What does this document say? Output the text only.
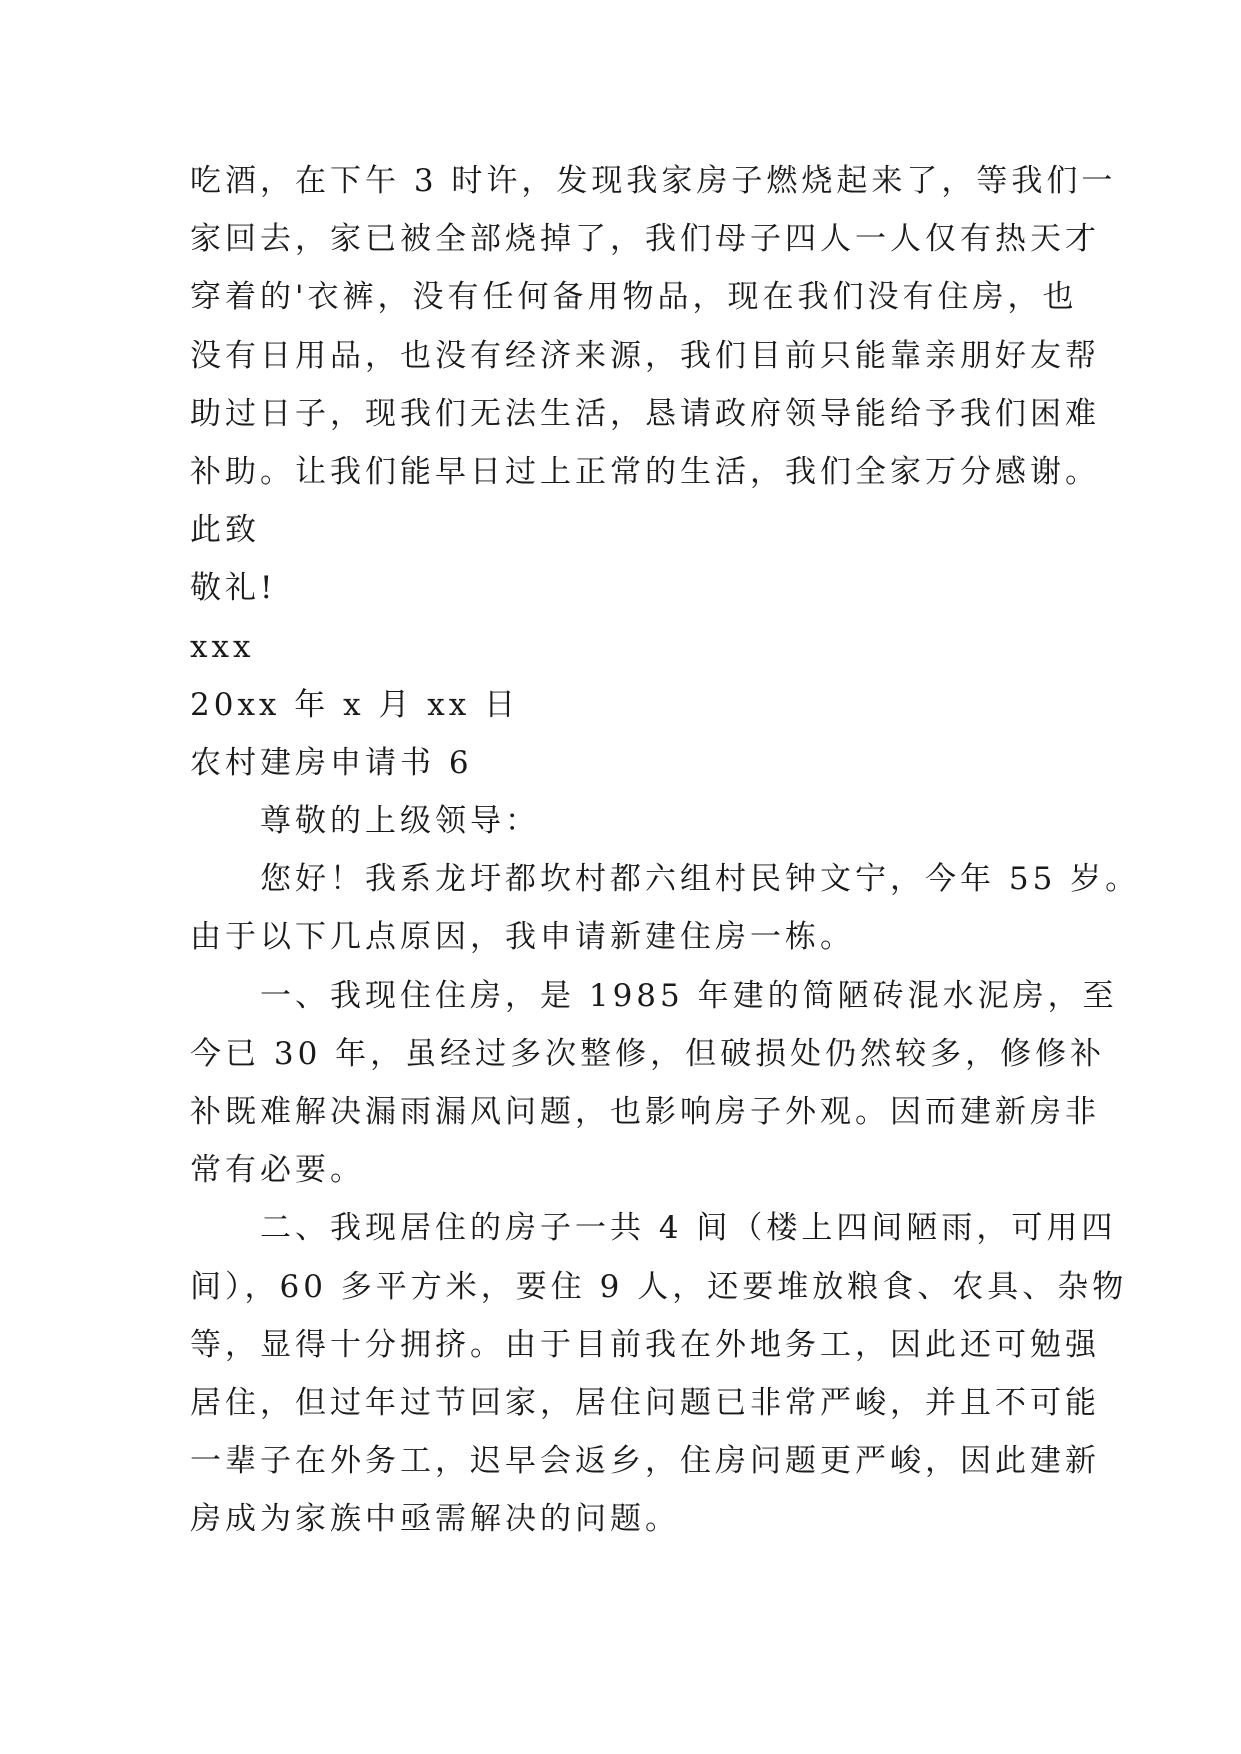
吃酒，在下午 3 时许，发现我家房子燃烧起来了，等我们一
家回去，家已被全部烧掉了，我们母子四人一人仅有热天才
穿着的'衣裤，没有任何备用物品，现在我们没有住房，也
没有日用品，也没有经济来源，我们目前只能靠亲朋好友帮
助过日子，现我们无法生活，恳请政府领导能给予我们困难
补助。让我们能早日过上正常的生活，我们全家万分感谢。
此致
敬礼!
xxx
20xx 年 x 月 xx 日
农村建房申请书 6
尊敬的上级领导：
您好！我系龙圩都坎村都六组村民钟文宁，今年 55 岁。
由于以下几点原因，我申请新建住房一栋。
一、我现住住房，是 1985 年建的简陋砖混水泥房，至
今已 30 年，虽经过多次整修，但破损处仍然较多，修修补
补既难解决漏雨漏风问题，也影响房子外观。因而建新房非
常有必要。
二、我现居住的房子一共 4 间（楼上四间陋雨，可用四
间），60 多平方米，要住 9 人，还要堆放粮食、农具、杂物
等，显得十分拥挤。由于目前我在外地务工，因此还可勉强
居住，但过年过节回家，居住问题已非常严峻，并且不可能
一辈子在外务工，迟早会返乡，住房问题更严峻，因此建新
房成为家族中亟需解决的问题。
